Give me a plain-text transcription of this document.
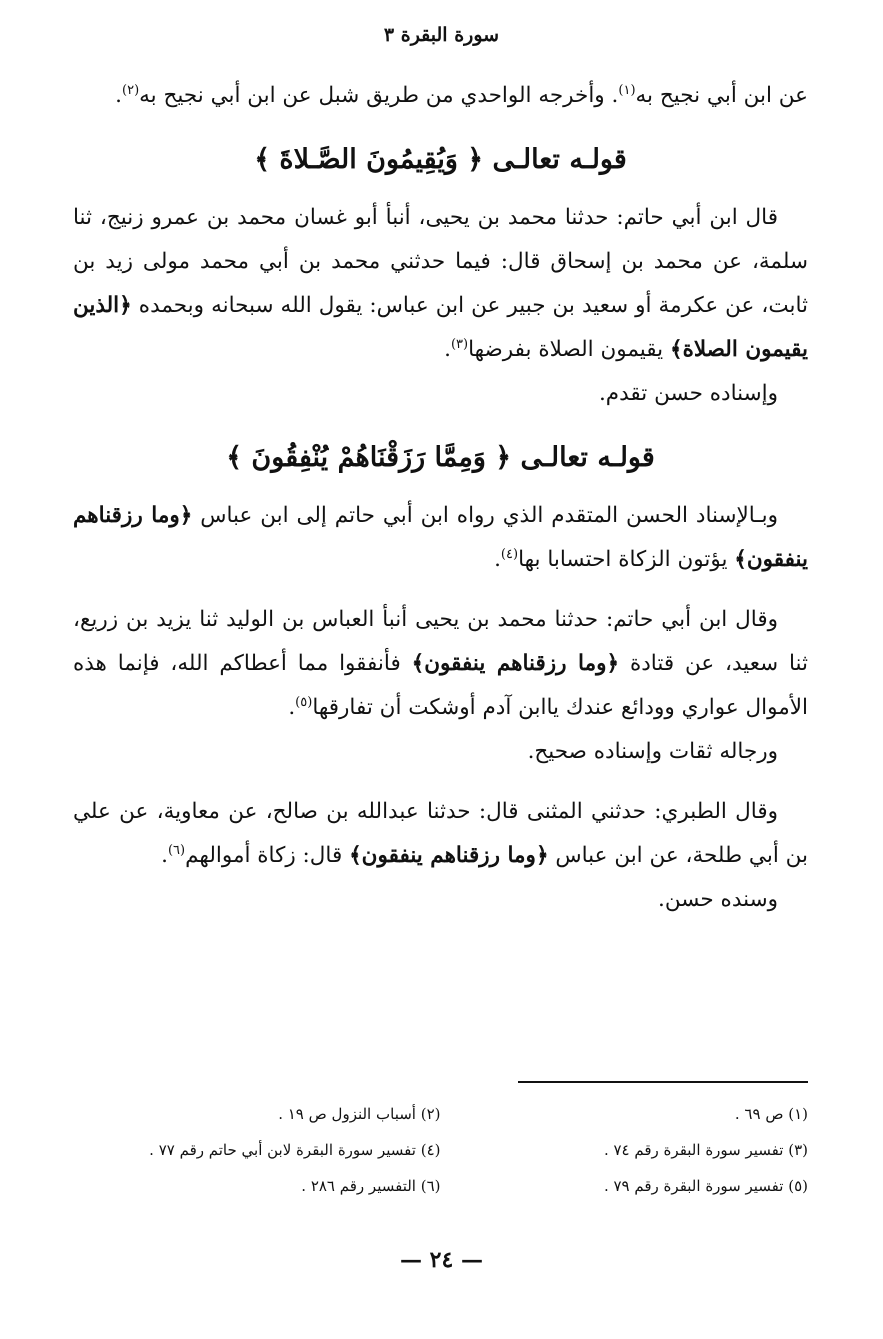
سورة البقرة ٣

عن ابن أبي نجيح به$^{(١)}$. وأخرجه الواحدي من طريق شبل عن ابن أبي نجيح به$^{(٢)}$.

قولـه تعالـى ﴿ وَيُقِيمُونَ الصَّـلاةَ ﴾

قال ابن أبي حاتم: حدثنا محمد بن يحيى، أنبأ أبو غسان محمد بن عمرو زنيج، ثنا سلمة، عن محمد بن إسحاق قال: فيما حدثني محمد بن أبي محمد مولى زيد بن ثابت، عن عكرمة أو سعيد بن جبير عن ابن عباس: يقول الله سبحانه وبحمده ﴿الذين يقيمون الصلاة﴾ يقيمون الصلاة بفرضها$^{(٣)}$.

وإسناده حسن تقدم.

قولـه تعالـى ﴿ وَمِمَّا رَزَقْنَاهُمْ يُنْفِقُونَ ﴾

وبـالإسناد الحسن المتقدم الذي رواه ابن أبي حاتم إلى ابن عباس ﴿وما رزقناهم ينفقون﴾ يؤتون الزكاة احتسابا بها$^{(٤)}$.

وقال ابن أبي حاتم: حدثنا محمد بن يحيى أنبأ العباس بن الوليد ثنا يزيد بن زريع، ثنا سعيد، عن قتادة ﴿وما رزقناهم ينفقون﴾ فأنفقوا مما أعطاكم الله، فإنما هذه الأموال عواري وودائع عندك ياابن آدم أوشكت أن تفارقها$^{(٥)}$.

ورجاله ثقات وإسناده صحيح.

وقال الطبري: حدثني المثنى قال: حدثنا عبدالله بن صالح، عن معاوية، عن علي بن أبي طلحة، عن ابن عباس ﴿وما رزقناهم ينفقون﴾ قال: زكاة أموالهم$^{(٦)}$.

وسنده حسن.

(١) ص ٦٩ .
(٢) أسباب النزول ص ١٩ .
(٣) تفسير سورة البقرة رقم ٧٤ .
(٤) تفسير سورة البقرة لابن أبي حاتم رقم ٧٧ .
(٥) تفسير سورة البقرة رقم ٧٩ .
(٦) التفسير رقم ٢٨٦ .
— ٢٤ —
